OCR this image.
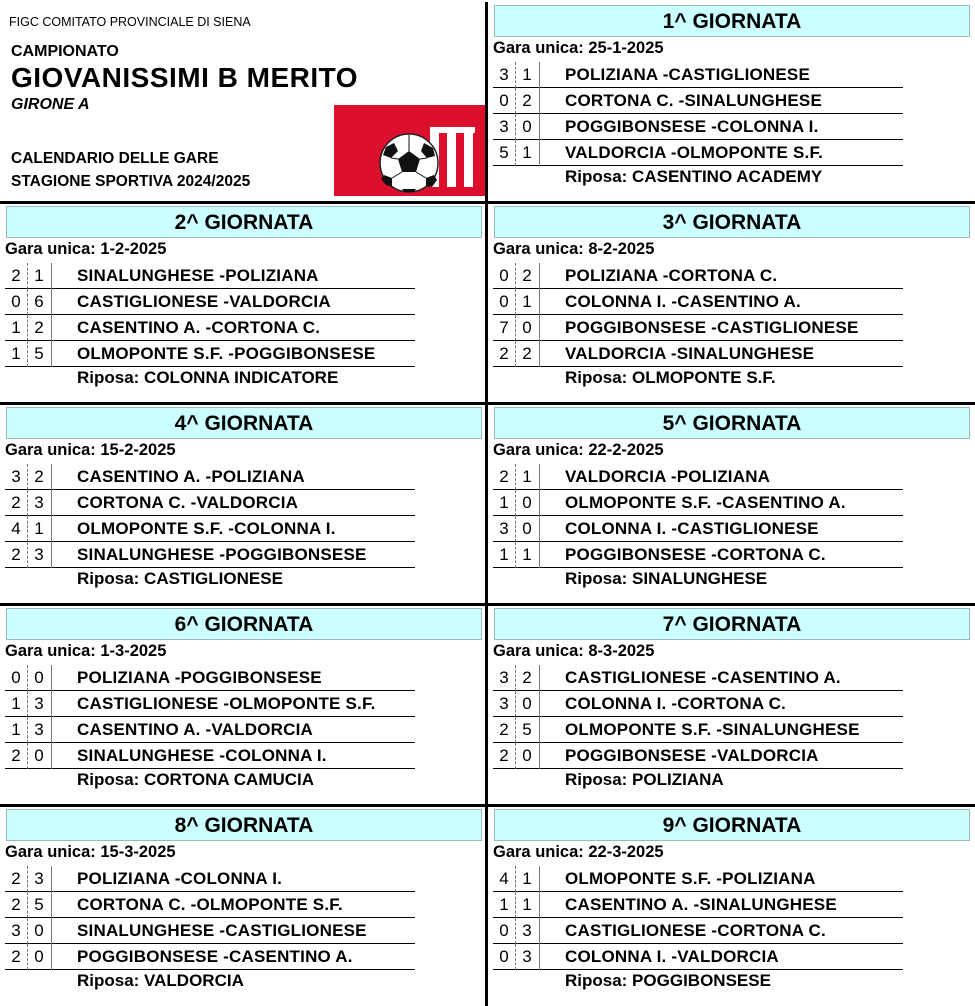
FIGC COMITATO PROVINCIALE DI SIENA
CAMPIONATO
GIOVANISSIMI B MERITO
GIRONE A
CALENDARIO DELLE GARE
STAGIONE SPORTIVA 2024/2025
1^ GIORNATA
Gara unica: 25-1-2025
3 1	POLIZIANA -CASTIGLIONESE
0 2	CORTONA C. -SINALUNGHESE
3 0	POGGIBONSESE -COLONNA I.
5 1	VALDORCIA -OLMOPONTE S.F.
Riposa: CASENTINO ACADEMY
2^ GIORNATA
Gara unica: 1-2-2025
2 1	SINALUNGHESE -POLIZIANA
0 6	CASTIGLIONESE -VALDORCIA
1 2	CASENTINO A. -CORTONA C.
1 5	OLMOPONTE S.F. -POGGIBONSESE
Riposa: COLONNA INDICATORE
3^ GIORNATA
Gara unica: 8-2-2025
0 2	POLIZIANA -CORTONA C.
0 1	COLONNA I. -CASENTINO A.
7 0	POGGIBONSESE -CASTIGLIONESE
2 2	VALDORCIA -SINALUNGHESE
Riposa: OLMOPONTE S.F.
4^ GIORNATA
Gara unica: 15-2-2025
3 2	CASENTINO A. -POLIZIANA
2 3	CORTONA C. -VALDORCIA
4 1	OLMOPONTE S.F. -COLONNA I.
2 3	SINALUNGHESE -POGGIBONSESE
Riposa: CASTIGLIONESE
5^ GIORNATA
Gara unica: 22-2-2025
2 1	VALDORCIA -POLIZIANA
1 0	OLMOPONTE S.F. -CASENTINO A.
3 0	COLONNA I. -CASTIGLIONESE
1 1	POGGIBONSESE -CORTONA C.
Riposa: SINALUNGHESE
6^ GIORNATA
Gara unica: 1-3-2025
0 0	POLIZIANA -POGGIBONSESE
1 3	CASTIGLIONESE -OLMOPONTE S.F.
1 3	CASENTINO A. -VALDORCIA
2 0	SINALUNGHESE -COLONNA I.
Riposa: CORTONA CAMUCIA
7^ GIORNATA
Gara unica: 8-3-2025
3 2	CASTIGLIONESE -CASENTINO A.
3 0	COLONNA I. -CORTONA C.
2 5	OLMOPONTE S.F. -SINALUNGHESE
2 0	POGGIBONSESE -VALDORCIA
Riposa: POLIZIANA
8^ GIORNATA
Gara unica: 15-3-2025
2 3	POLIZIANA -COLONNA I.
2 5	CORTONA C. -OLMOPONTE S.F.
3 0	SINALUNGHESE -CASTIGLIONESE
2 0	POGGIBONSESE -CASENTINO A.
Riposa: VALDORCIA
9^ GIORNATA
Gara unica: 22-3-2025
4 1	OLMOPONTE S.F. -POLIZIANA
1 1	CASENTINO A. -SINALUNGHESE
0 3	CASTIGLIONESE -CORTONA C.
0 3	COLONNA I. -VALDORCIA
Riposa: POGGIBONSESE
